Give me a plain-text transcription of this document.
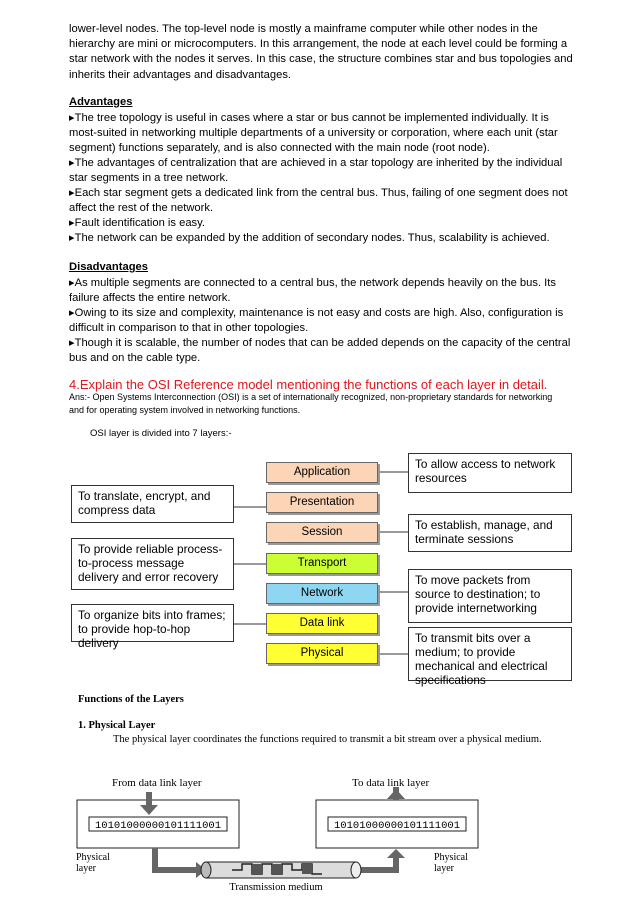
lower-level nodes. The top-level node is mostly a mainframe computer while other nodes in the hierarchy are mini or microcomputers. In this arrangement, the node at each level could be forming a star network with the nodes it serves. In this case, the structure combines star and bus topologies and inherits their advantages and disadvantages.
Advantages
▸ The tree topology is useful in cases where a star or bus cannot be implemented individually. It is most-suited in networking multiple departments of a university or corporation, where each unit (star segment) functions separately, and is also connected with the main node (root node).
▸ The advantages of centralization that are achieved in a star topology are inherited by the individual star segments in a tree network.
▸ Each star segment gets a dedicated link from the central bus. Thus, failing of one segment does not affect the rest of the network.
▸ Fault identification is easy.
▸ The network can be expanded by the addition of secondary nodes. Thus, scalability is achieved.
Disadvantages
▸ As multiple segments are connected to a central bus, the network depends heavily on the bus. Its failure affects the entire network.
▸ Owing to its size and complexity, maintenance is not easy and costs are high. Also, configuration is difficult in comparison to that in other topologies.
▸ Though it is scalable, the number of nodes that can be added depends on the capacity of the central bus and on the cable type.
4.Explain the OSI Reference model mentioning the functions of each layer in detail.
Ans:- Open Systems Interconnection (OSI) is a set of internationally recognized, non-proprietary standards for networking and for operating system involved in networking functions.
OSI layer is divided into 7 layers:-
Application
Presentation
Session
Transport
Network
Data link
Physical
To translate, encrypt, and compress data
To provide reliable process-to-process message delivery and error recovery
To organize bits into frames; to provide hop-to-hop delivery
To allow access to network resources
To establish, manage, and terminate sessions
To move packets from source to destination; to provide internetworking
To transmit bits over a medium; to provide mechanical and electrical specifications
Functions of the Layers
1. Physical Layer
The physical layer coordinates the functions required to transmit a bit stream over a physical medium.
From data link layer	To data link layer
10101000000101111001	10101000000101111001
Physical
layer
Physical
layer
Transmission medium
